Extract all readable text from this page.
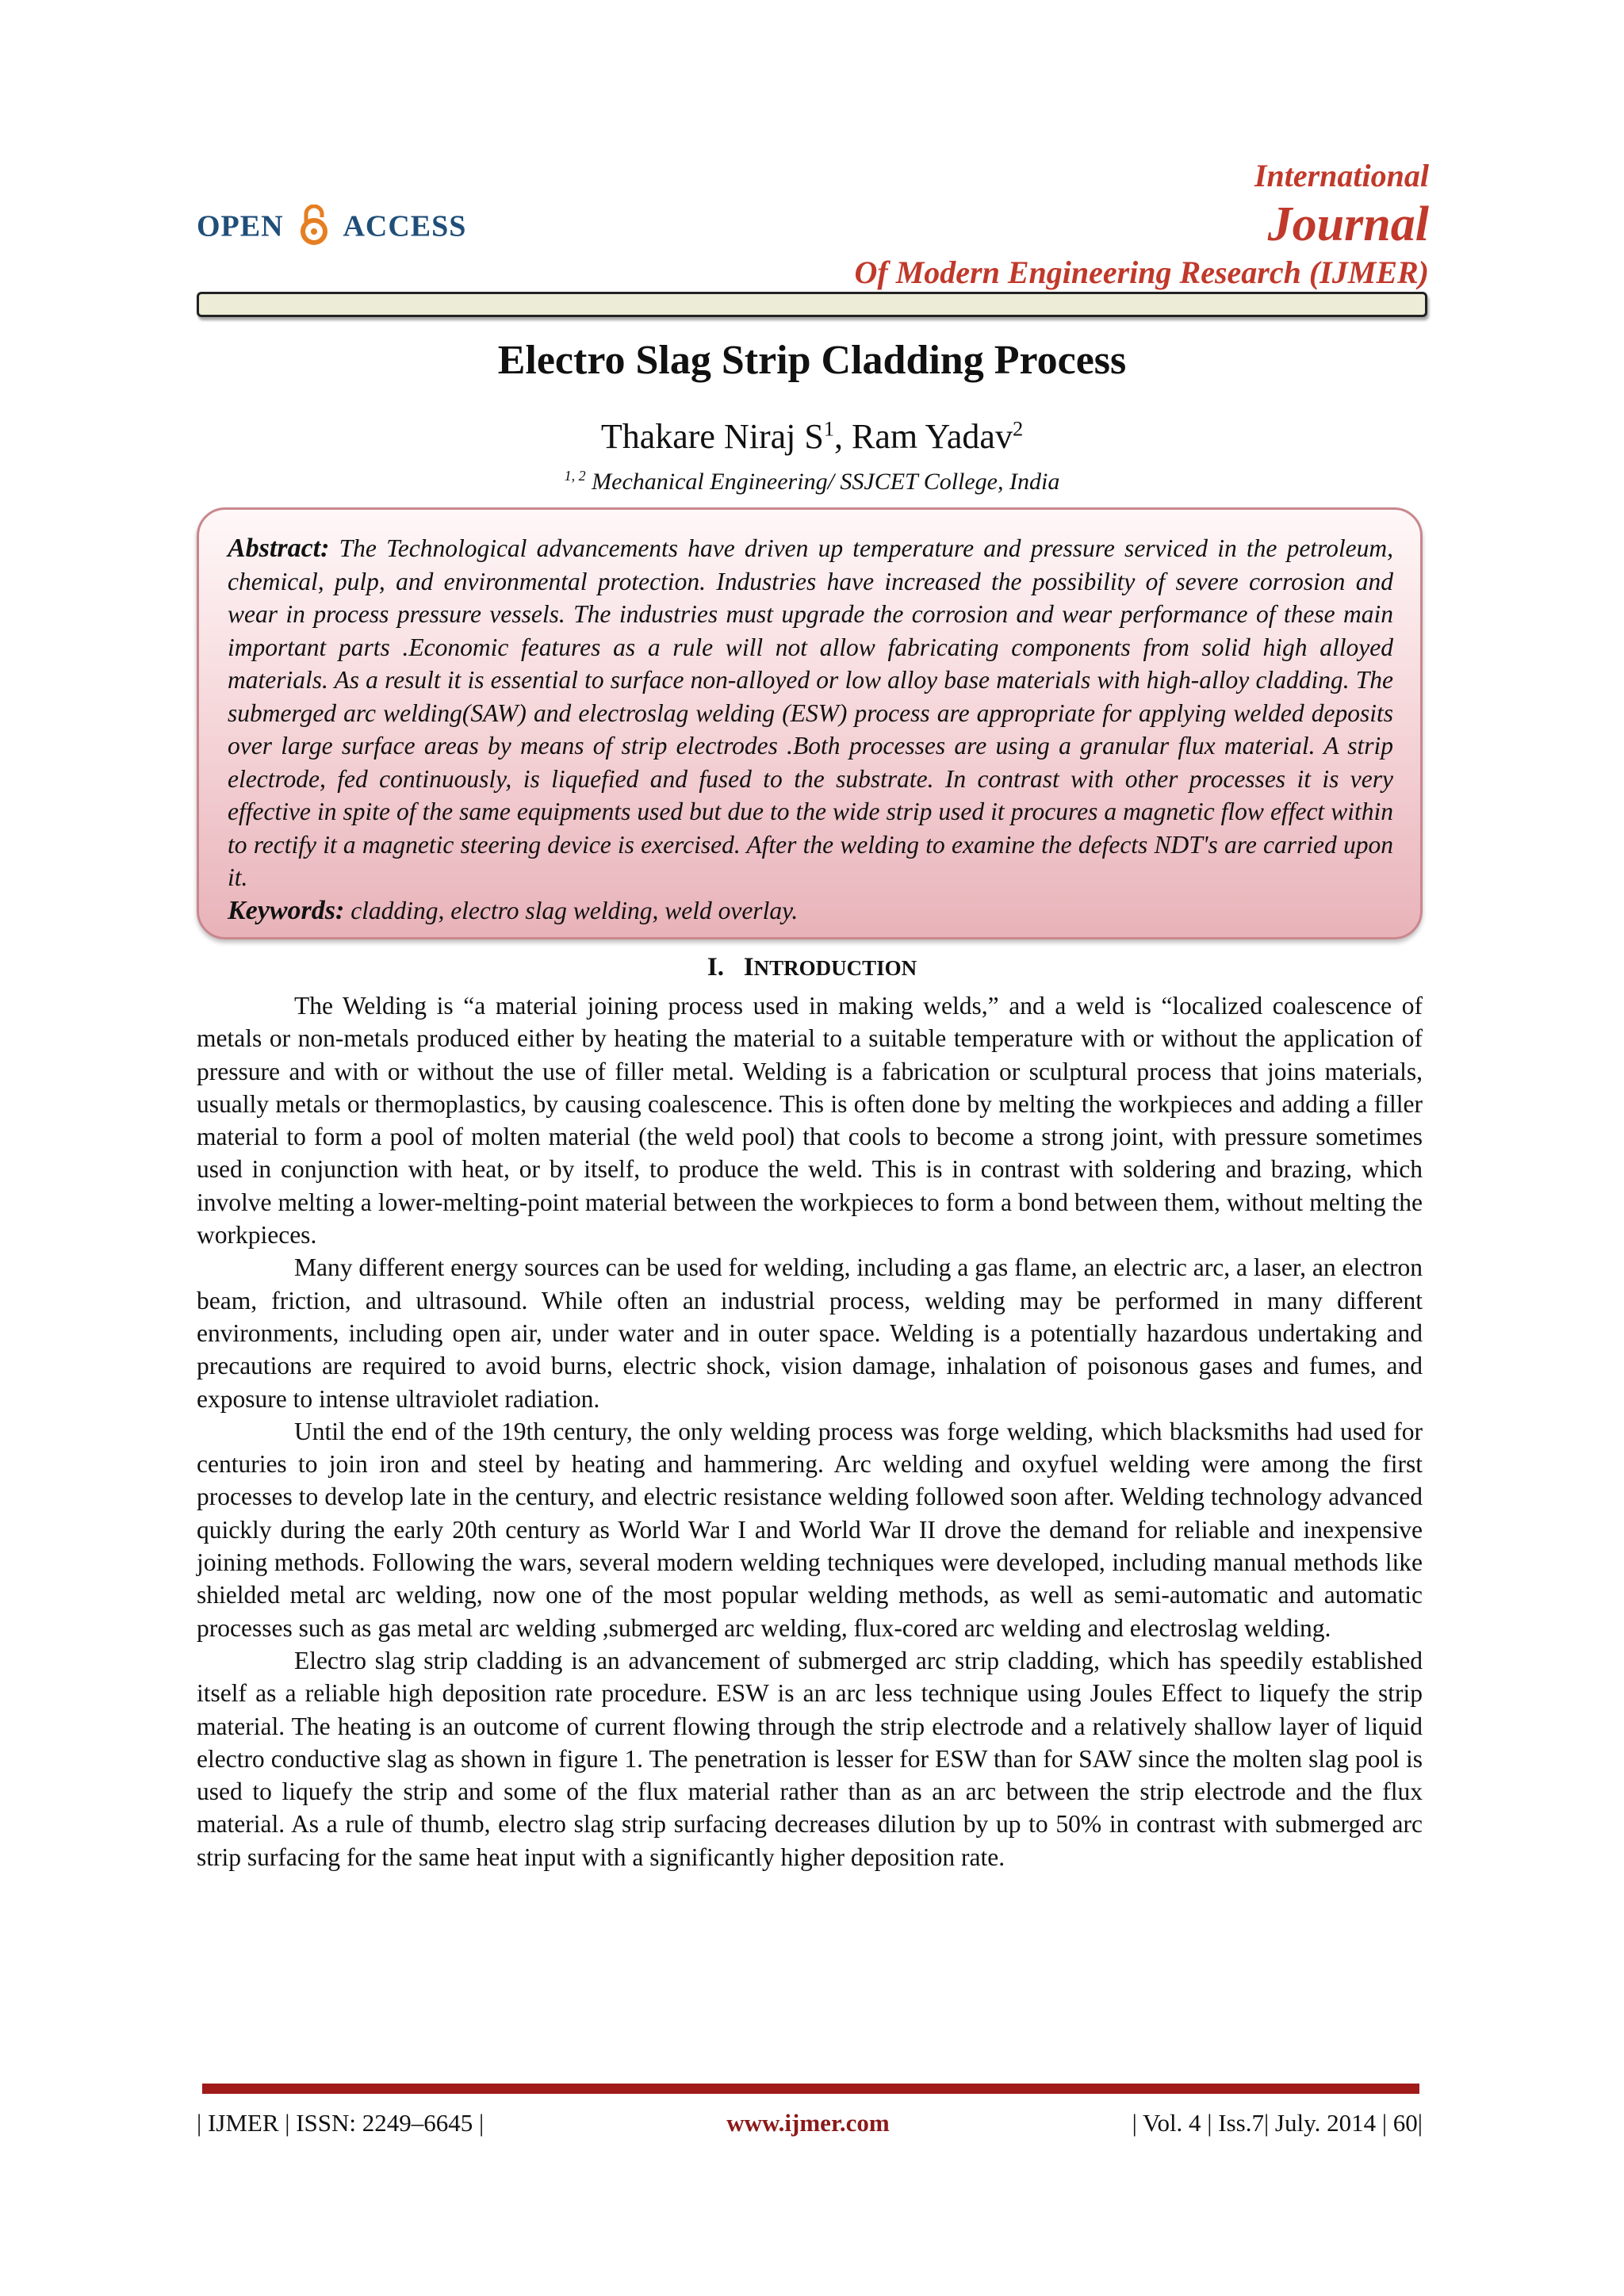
OPEN ACCESS
International
Journal
Of Modern Engineering Research (IJMER)
Electro Slag Strip Cladding Process
Thakare Niraj $S^1$, Ram Yadav$^2$
$^{1, 2}$ Mechanical Engineering/ SSJCET College, India
Abstract: The Technological advancements have driven up temperature and pressure serviced in the petroleum, chemical, pulp, and environmental protection. Industries have increased the possibility of severe corrosion and wear in process pressure vessels. The industries must upgrade the corrosion and wear performance of these main important parts .Economic features as a rule will not allow fabricating components from solid high alloyed materials. As a result it is essential to surface non-alloyed or low alloy base materials with high-alloy cladding. The submerged arc welding(SAW) and electroslag welding (ESW) process are appropriate for applying welded deposits over large surface areas by means of strip electrodes .Both processes are using a granular flux material. A strip electrode, fed continuously, is liquefied and fused to the substrate. In contrast with other processes it is very effective in spite of the same equipments used but due to the wide strip used it procures a magnetic flow effect within to rectify it a magnetic steering device is exercised. After the welding to examine the defects NDT's are carried upon it.
Keywords: cladding, electro slag welding, weld overlay.
I. INTRODUCTION

The Welding is “a material joining process used in making welds,” and a weld is “localized coalescence of metals or non-metals produced either by heating the material to a suitable temperature with or without the application of pressure and with or without the use of filler metal. Welding is a fabrication or sculptural process that joins materials, usually metals or thermoplastics, by causing coalescence. This is often done by melting the workpieces and adding a filler material to form a pool of molten material (the weld pool) that cools to become a strong joint, with pressure sometimes used in conjunction with heat, or by itself, to produce the weld. This is in contrast with soldering and brazing, which involve melting a lower-melting-point material between the workpieces to form a bond between them, without melting the workpieces.

Many different energy sources can be used for welding, including a gas flame, an electric arc, a laser, an electron beam, friction, and ultrasound. While often an industrial process, welding may be performed in many different environments, including open air, under water and in outer space. Welding is a potentially hazardous undertaking and precautions are required to avoid burns, electric shock, vision damage, inhalation of poisonous gases and fumes, and exposure to intense ultraviolet radiation.

Until the end of the 19th century, the only welding process was forge welding, which blacksmiths had used for centuries to join iron and steel by heating and hammering. Arc welding and oxyfuel welding were among the first processes to develop late in the century, and electric resistance welding followed soon after. Welding technology advanced quickly during the early 20th century as World War I and World War II drove the demand for reliable and inexpensive joining methods. Following the wars, several modern welding techniques were developed, including manual methods like shielded metal arc welding, now one of the most popular welding methods, as well as semi-automatic and automatic processes such as gas metal arc welding ,submerged arc welding, flux-cored arc welding and electroslag welding.

Electro slag strip cladding is an advancement of submerged arc strip cladding, which has speedily established itself as a reliable high deposition rate procedure. ESW is an arc less technique using Joules Effect to liquefy the strip material. The heating is an outcome of current flowing through the strip electrode and a relatively shallow layer of liquid electro conductive slag as shown in figure 1. The penetration is lesser for ESW than for SAW since the molten slag pool is used to liquefy the strip and some of the flux material rather than as an arc between the strip electrode and the flux material. As a rule of thumb, electro slag strip surfacing decreases dilution by up to 50% in contrast with submerged arc strip surfacing for the same heat input with a significantly higher deposition rate.

| IJMER | ISSN: 2249–6645 |	www.ijmer.com	| Vol. 4 | Iss.7| July. 2014 | 60|
